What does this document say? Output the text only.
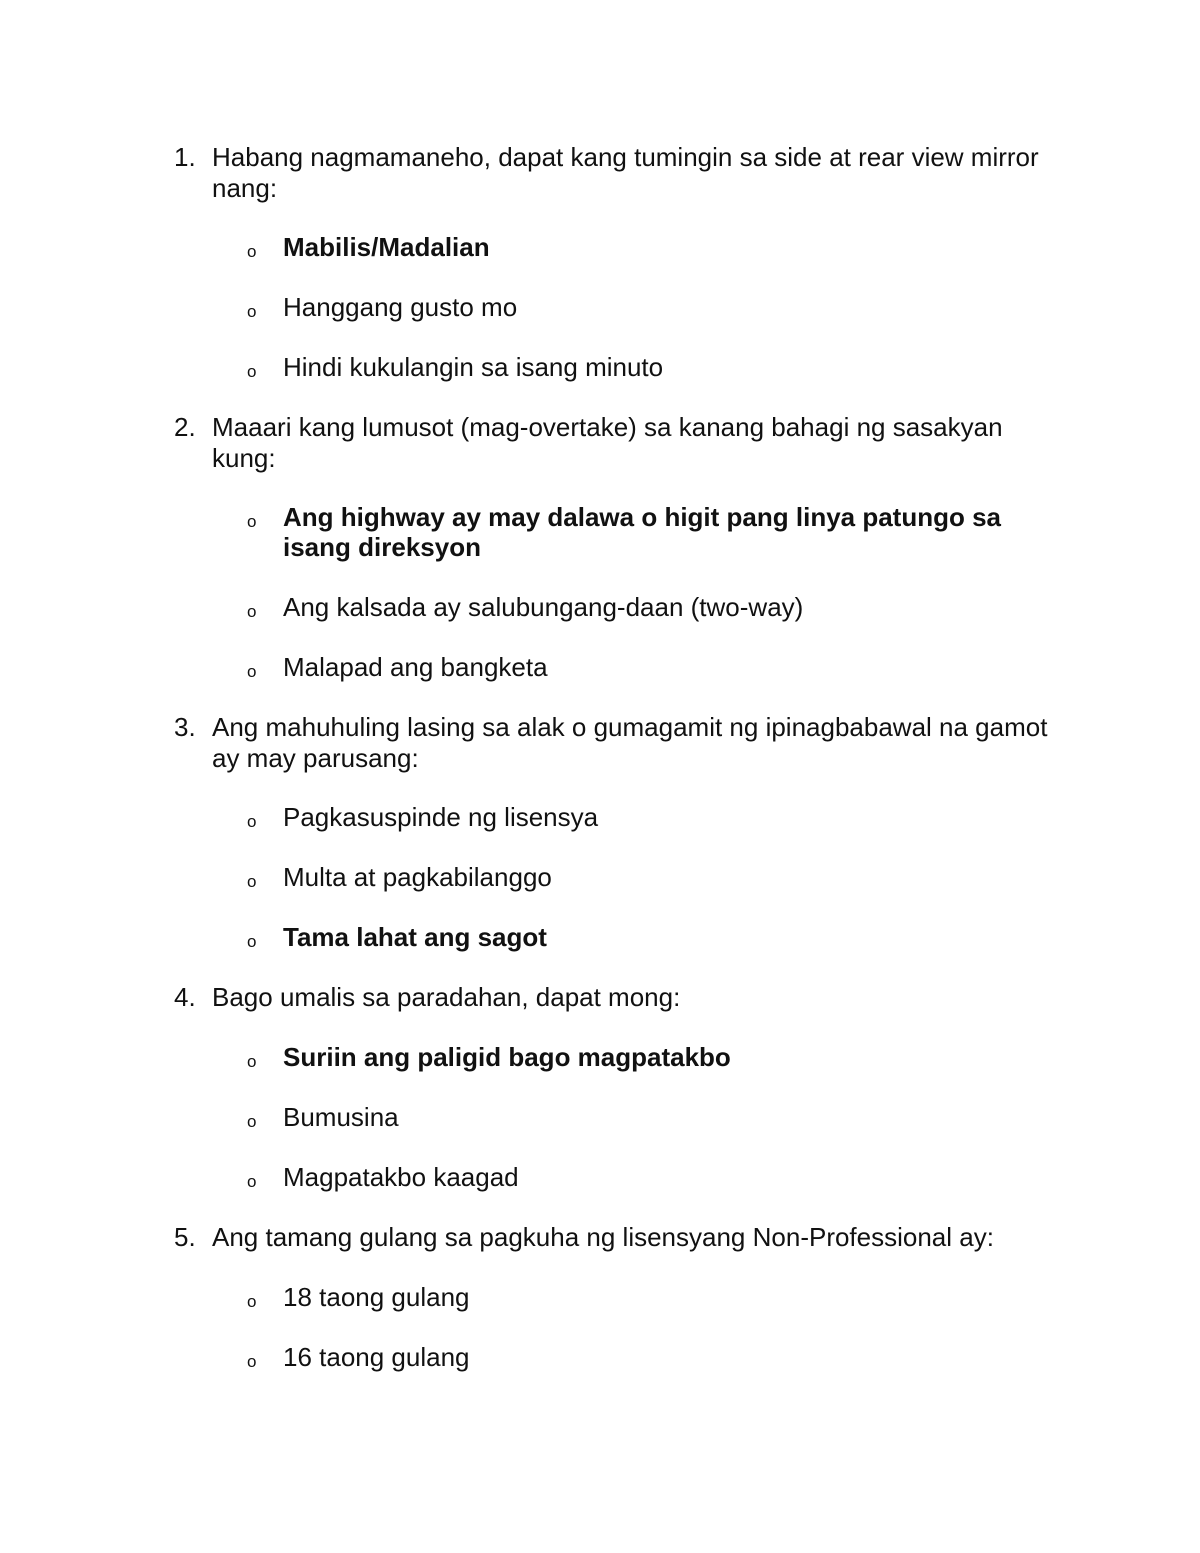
1. Habang nagmamaneho, dapat kang tumingin sa side at rear view mirror nang:
o Mabilis/Madalian
o Hanggang gusto mo
o Hindi kukulangin sa isang minuto
2. Maaari kang lumusot (mag-overtake) sa kanang bahagi ng sasakyan kung:
o Ang highway ay may dalawa o higit pang linya patungo sa isang direksyon
o Ang kalsada ay salubungang-daan (two-way)
o Malapad ang bangketa
3. Ang mahuhuling lasing sa alak o gumagamit ng ipinagbabawal na gamot ay may parusang:
o Pagkasuspinde ng lisensya
o Multa at pagkabilanggo
o Tama lahat ang sagot
4. Bago umalis sa paradahan, dapat mong:
o Suriin ang paligid bago magpatakbo
o Bumusina
o Magpatakbo kaagad
5. Ang tamang gulang sa pagkuha ng lisensyang Non-Professional ay:
o 18 taong gulang
o 16 taong gulang
